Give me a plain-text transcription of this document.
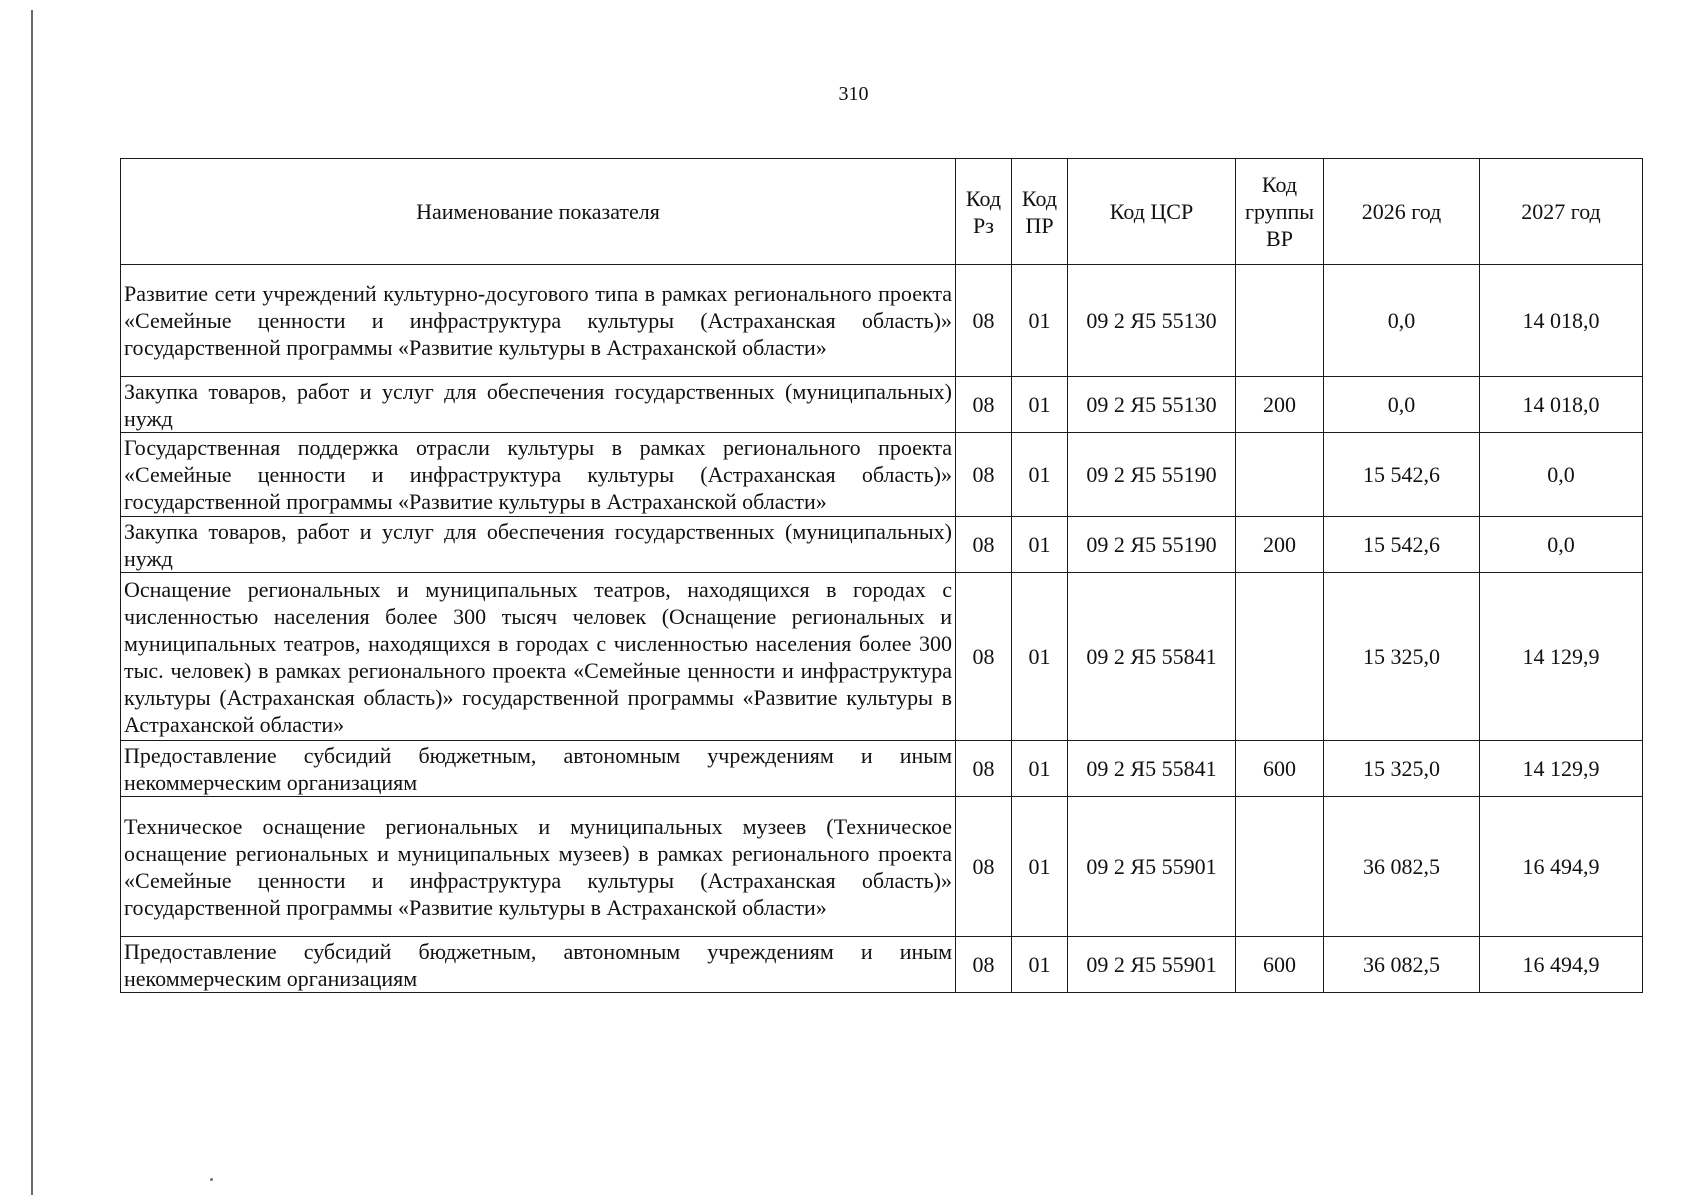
310
Наименование показателя	Код Рз	Код ПР	Код ЦСР	Код группы ВР	2026 год	2027 год
Развитие сети учреждений культурно-досугового типа в рамках регионального проекта «Семейные ценности и инфраструктура культуры (Астраханская область)» государственной программы «Развитие культуры в Астраханской области»	08	01	09 2 Я5 55130		0,0	14 018,0
Закупка товаров, работ и услуг для обеспечения государственных (муниципальных) нужд	08	01	09 2 Я5 55130	200	0,0	14 018,0
Государственная поддержка отрасли культуры в рамках регионального проекта «Семейные ценности и инфраструктура культуры (Астраханская область)» государственной программы «Развитие культуры в Астраханской области»	08	01	09 2 Я5 55190		15 542,6	0,0
Закупка товаров, работ и услуг для обеспечения государственных (муниципальных) нужд	08	01	09 2 Я5 55190	200	15 542,6	0,0
Оснащение региональных и муниципальных театров, находящихся в городах с численностью населения более 300 тысяч человек (Оснащение региональных и муниципальных театров, находящихся в городах с численностью населения более 300 тыс. человек) в рамках регионального проекта «Семейные ценности и инфраструктура культуры (Астраханская область)» государственной программы «Развитие культуры в Астраханской области»	08	01	09 2 Я5 55841		15 325,0	14 129,9
Предоставление субсидий бюджетным, автономным учреждениям и иным некоммерческим организациям	08	01	09 2 Я5 55841	600	15 325,0	14 129,9
Техническое оснащение региональных и муниципальных музеев (Техническое оснащение региональных и муниципальных музеев) в рамках регионального проекта «Семейные ценности и инфраструктура культуры (Астраханская область)» государственной программы «Развитие культуры в Астраханской области»	08	01	09 2 Я5 55901		36 082,5	16 494,9
Предоставление субсидий бюджетным, автономным учреждениям и иным некоммерческим организациям	08	01	09 2 Я5 55901	600	36 082,5	16 494,9
